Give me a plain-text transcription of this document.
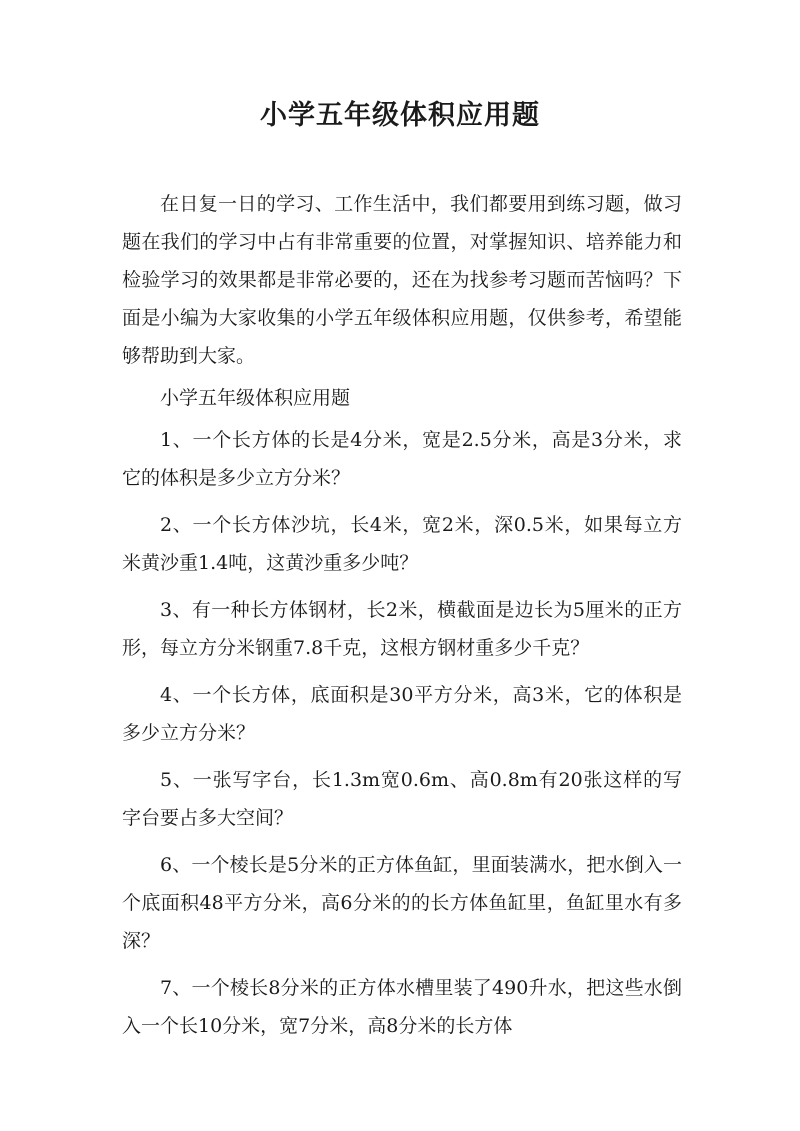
小学五年级体积应用题

在日复一日的学习、工作生活中，我们都要用到练习题，做习题在我们的学习中占有非常重要的位置，对掌握知识、培养能力和检验学习的效果都是非常必要的，还在为找参考习题而苦恼吗？下面是小编为大家收集的小学五年级体积应用题，仅供参考，希望能够帮助到大家。

小学五年级体积应用题

1、一个长方体的长是4分米，宽是2.5分米，高是3分米，求它的体积是多少立方分米？

2、一个长方体沙坑，长4米，宽2米，深0.5米，如果每立方米黄沙重1.4吨，这黄沙重多少吨？

3、有一种长方体钢材，长2米，横截面是边长为5厘米的正方形，每立方分米钢重7.8千克，这根方钢材重多少千克？

4、一个长方体，底面积是30平方分米，高3米，它的体积是多少立方分米？

5、一张写字台，长1.3m宽0.6m、高0.8m有20张这样的写字台要占多大空间？

6、一个棱长是5分米的正方体鱼缸，里面装满水，把水倒入一个底面积48平方分米，高6分米的的长方体鱼缸里，鱼缸里水有多深？

7、一个棱长8分米的正方体水槽里装了490升水，把这些水倒入一个长10分米，宽7分米，高8分米的长方体
